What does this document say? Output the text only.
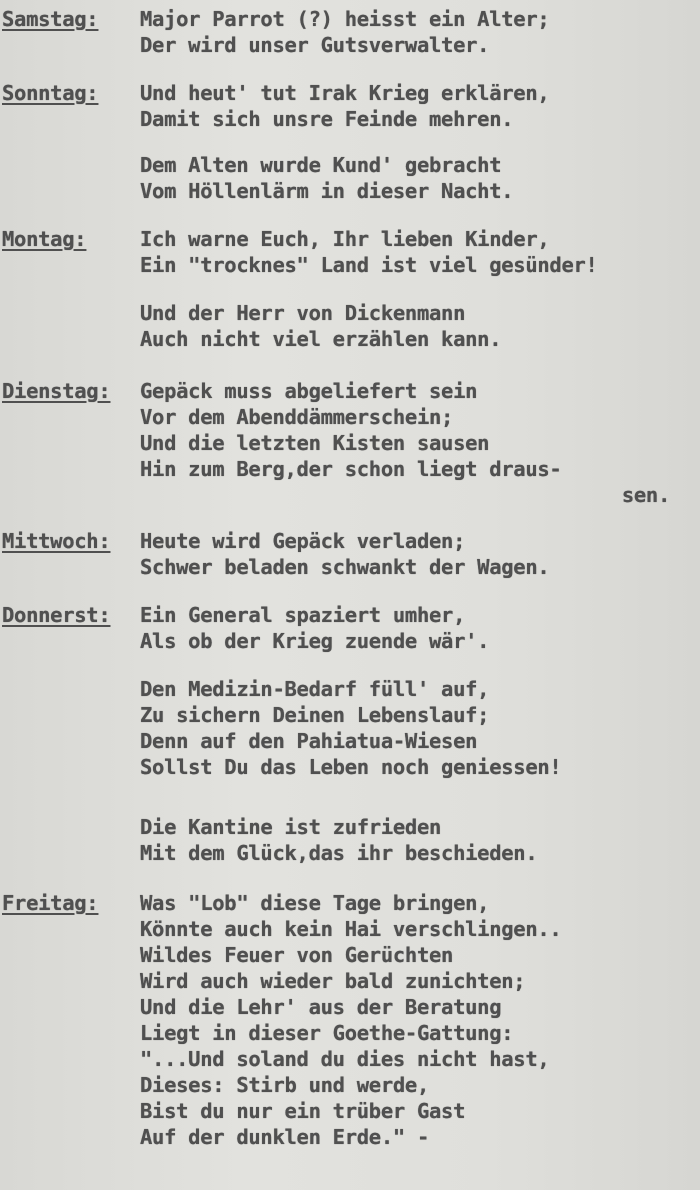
Samstag: Major Parrot (?) heisst ein Alter;
Der wird unser Gutsverwalter.
Sonntag: Und heut' tut Irak Krieg erklären,
Damit sich unsre Feinde mehren.
Dem Alten wurde Kund' gebracht
Vom Höllenlärm in dieser Nacht.
Montag:	Ich warne Euch, Ihr lieben Kinder,
Ein "trocknes" Land ist viel gesünder!
Und der Herr von Dickenmann
Auch nicht viel erzählen kann.
Dienstag: Gepäck muss abgeliefert sein
Vor dem Abenddämmerschein;
Und die letzten Kisten sausen
Hin zum Berg,der schon liegt draus-
sen.
Mittwoch: Heute wird Gepäck verladen;
Schwer beladen schwankt der Wagen.
Donnerst: Ein General spaziert umher,
Als ob der Krieg zuende wär'.
Den Medizin-Bedarf füll' auf,
Zu sichern Deinen Lebenslauf;
Denn auf den Pahiatua-Wiesen
Sollst Du das Leben noch geniessen!
Die Kantine ist zufrieden
Mit dem Glück,das ihr beschieden.
Freitag: Was "Lob" diese Tage bringen,
Könnte auch kein Hai verschlingen..
Wildes Feuer von Gerüchten
Wird auch wieder bald zunichten;
Und die Lehr' aus der Beratung
Liegt in dieser Goethe-Gattung:
"...Und soland du dies nicht hast,
Dieses: Stirb und werde,
Bist du nur ein trüber Gast
Auf der dunklen Erde." -
